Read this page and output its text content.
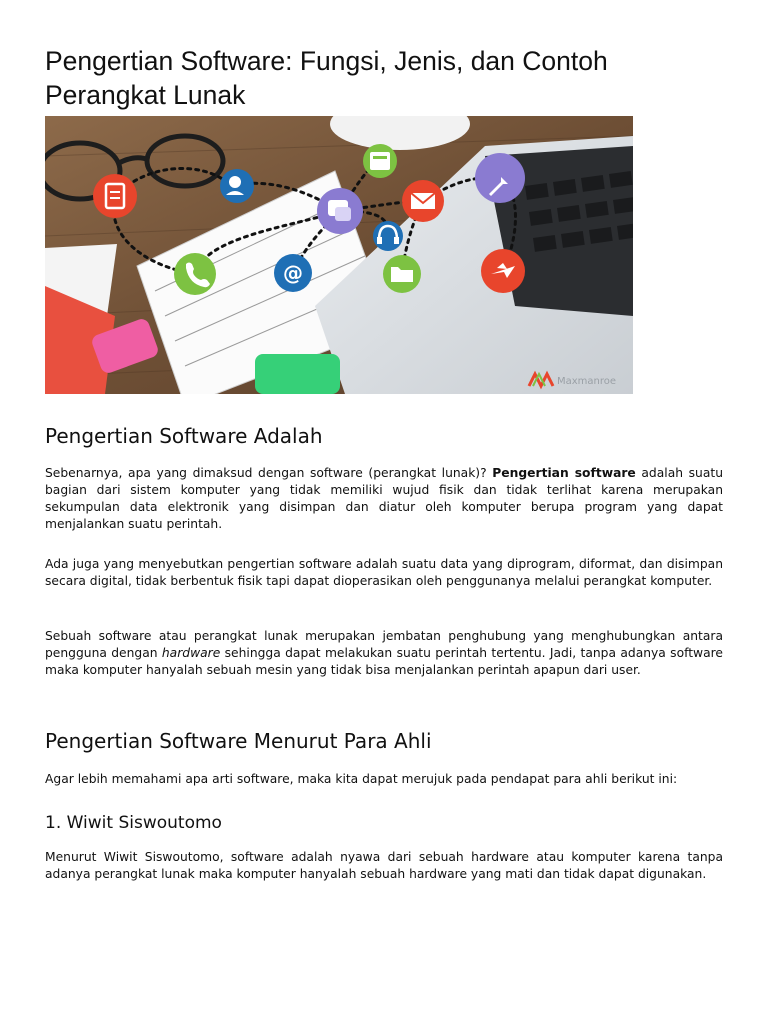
Pengertian Software: Fungsi, Jenis, dan Contoh Perangkat Lunak
@
Maxmanroe
Pengertian Software Adalah

Sebenarnya, apa yang dimaksud dengan software (perangkat lunak)? Pengertian software adalah suatu bagian dari sistem komputer yang tidak memiliki wujud fisik dan tidak terlihat karena merupakan sekumpulan data elektronik yang disimpan dan diatur oleh komputer berupa program yang dapat menjalankan suatu perintah.

Ada juga yang menyebutkan pengertian software adalah suatu data yang diprogram, diformat, dan disimpan secara digital, tidak berbentuk fisik tapi dapat dioperasikan oleh penggunanya melalui perangkat komputer.

Sebuah software atau perangkat lunak merupakan jembatan penghubung yang menghubungkan antara pengguna dengan hardware sehingga dapat melakukan suatu perintah tertentu. Jadi, tanpa adanya software maka komputer hanyalah sebuah mesin yang tidak bisa menjalankan perintah apapun dari user.

Pengertian Software Menurut Para Ahli

Agar lebih memahami apa arti software, maka kita dapat merujuk pada pendapat para ahli berikut ini:

1. Wiwit Siswoutomo

Menurut Wiwit Siswoutomo, software adalah nyawa dari sebuah hardware atau komputer karena tanpa adanya perangkat lunak maka komputer hanyalah sebuah hardware yang mati dan tidak dapat digunakan.
